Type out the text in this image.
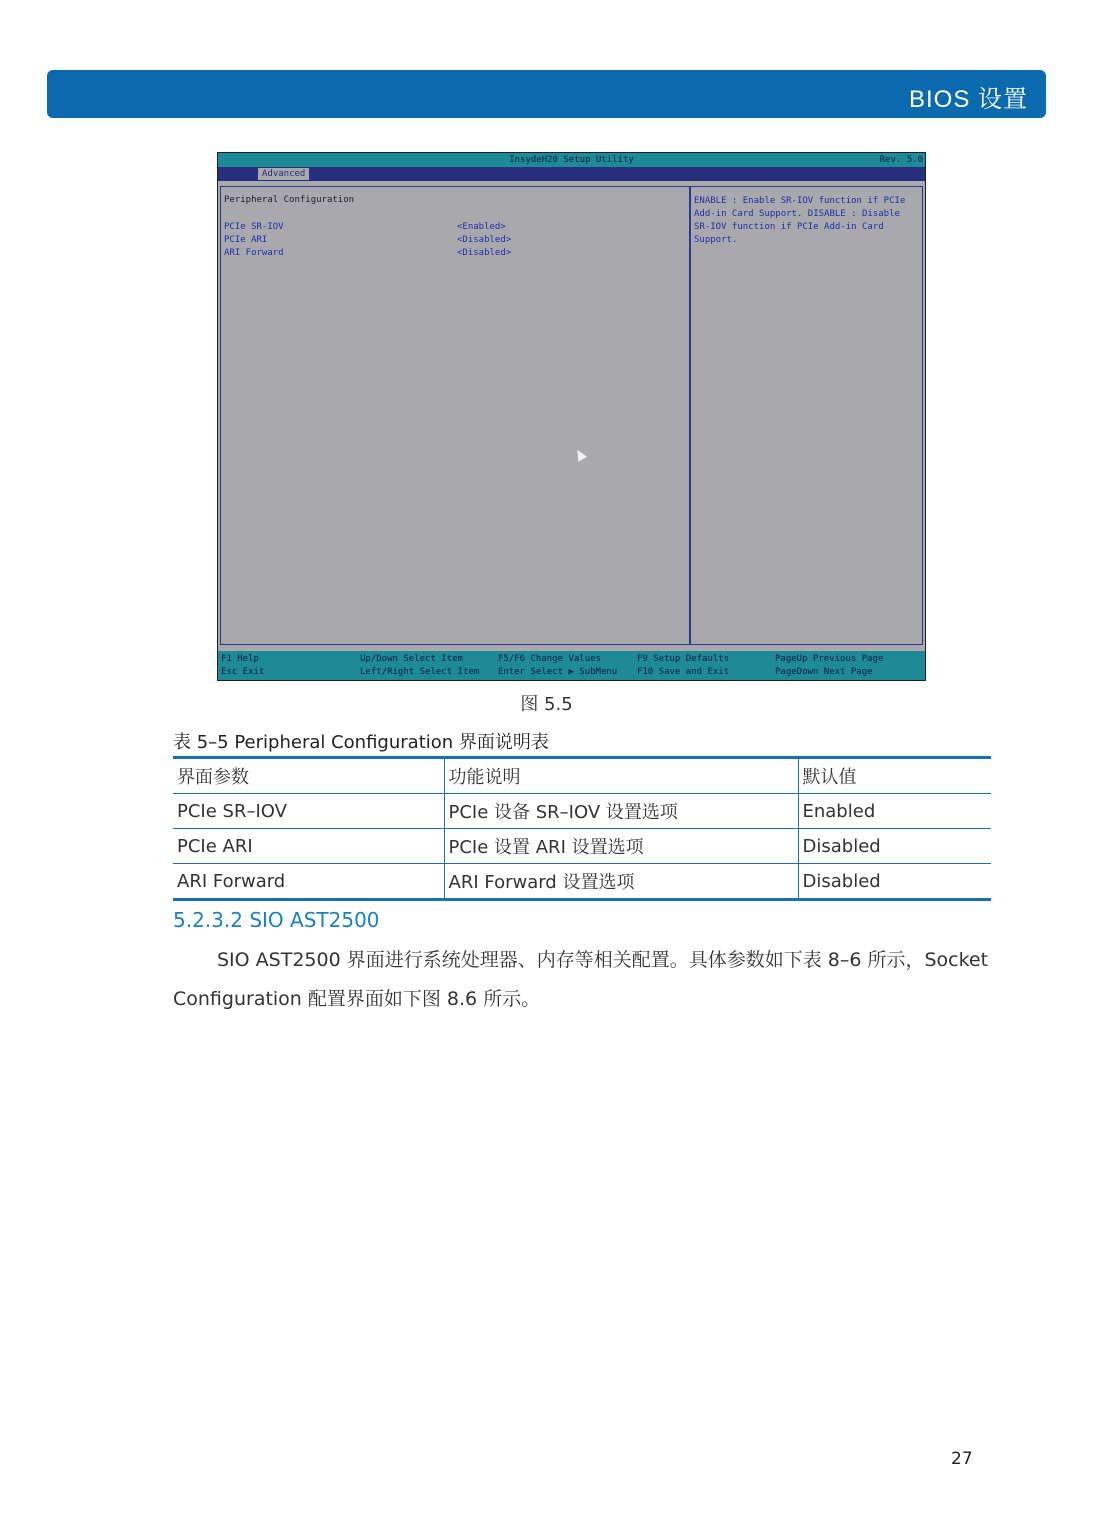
BIOS 设置
InsydeH20 Setup Utility	Rev. 5.0
Advanced
Peripheral Configuration
PCIe SR-IOV	<Enabled>
PCIe ARI	<Disabled>
ARI Forward	<Disabled>
ENABLE : Enable SR-IOV function if PCIe Add-in Card Support. DISABLE : Disable SR-IOV function if PCIe Add-in Card Support.
F1 Help
Esc Exit
Up/Down Select Item
Left/Right Select Item
F5/F6 Change Values
Enter Select ▶ SubMenu
F9 Setup Defaults
F10 Save and Exit
PageUp Previous Page
PageDown Next Page
图 5.5
表 5–5 Peripheral Configuration 界面说明表
界面参数	功能说明	默认值
PCIe SR–IOV	PCIe 设备 SR–IOV 设置选项	Enabled
PCIe ARI	PCIe 设置 ARI 设置选项	Disabled
ARI Forward	ARI Forward 设置选项	Disabled
5.2.3.2 SIO AST2500
SIO AST2500 界面进行系统处理器、内存等相关配置。具体参数如下表 8–6 所示，Socket Configuration 配置界面如下图 8.6 所示。
27
